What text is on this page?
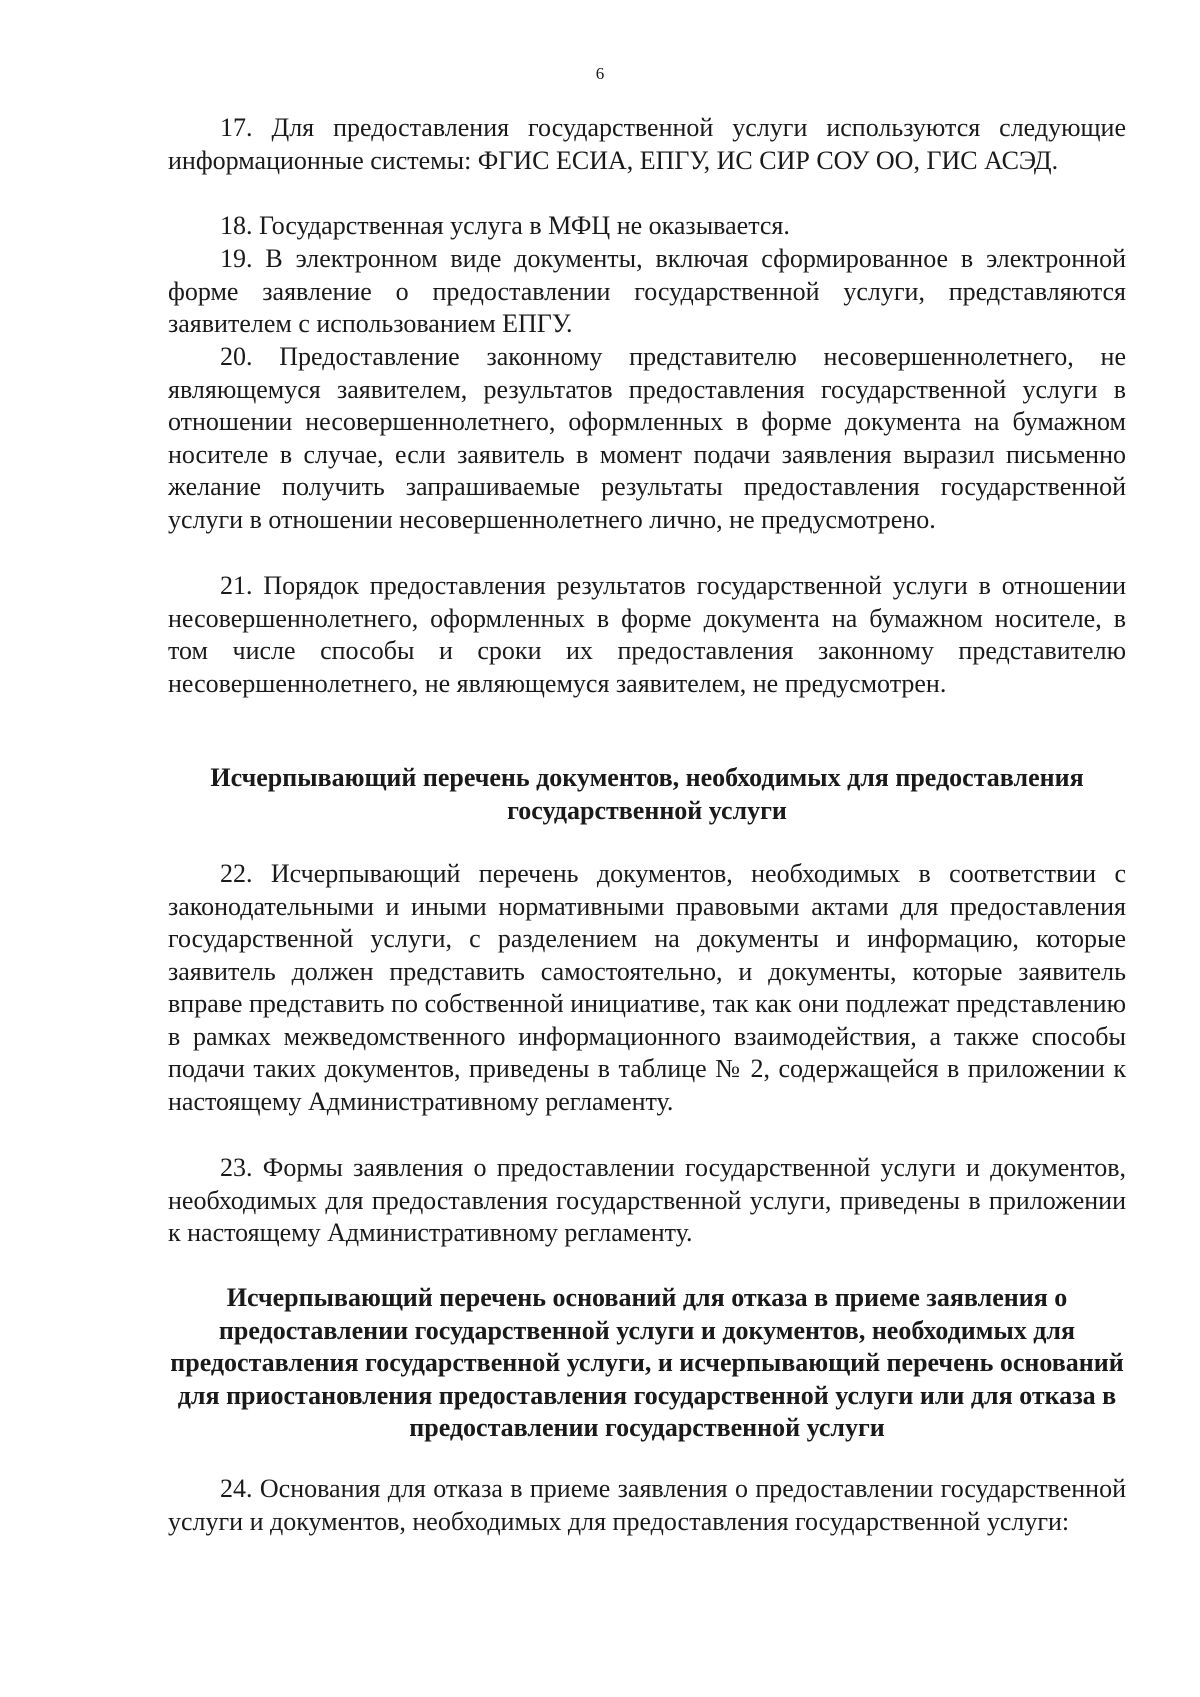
6

17. Для предоставления государственной услуги используются следующие информационные системы: ФГИС ЕСИА, ЕПГУ, ИС СИР СОУ ОО, ГИС АСЭД.

18. Государственная услуга в МФЦ не оказывается.

19. В электронном виде документы, включая сформированное в электронной форме заявление о предоставлении государственной услуги, представляются заявителем с использованием ЕПГУ.

20. Предоставление законному представителю несовершеннолетнего, не являющемуся заявителем, результатов предоставления государственной услуги в отношении несовершеннолетнего, оформленных в форме документа на бумажном носителе в случае, если заявитель в момент подачи заявления выразил письменно желание получить запрашиваемые результаты предоставления государственной услуги в отношении несовершеннолетнего лично, не предусмотрено.

21. Порядок предоставления результатов государственной услуги в отношении несовершеннолетнего, оформленных в форме документа на бумажном носителе, в том числе способы и сроки их предоставления законному представителю несовершеннолетнего, не являющемуся заявителем, не предусмотрен.

Исчерпывающий перечень документов, необходимых для предоставления государственной услуги

22. Исчерпывающий перечень документов, необходимых в соответствии с законодательными и иными нормативными правовыми актами для предоставления государственной услуги, с разделением на документы и информацию, которые заявитель должен представить самостоятельно, и документы, которые заявитель вправе представить по собственной инициативе, так как они подлежат представлению в рамках межведомственного информационного взаимодействия, а также способы подачи таких документов, приведены в таблице № 2, содержащейся в приложении к настоящему Административному регламенту.

23. Формы заявления о предоставлении государственной услуги и документов, необходимых для предоставления государственной услуги, приведены в приложении к настоящему Административному регламенту.

Исчерпывающий перечень оснований для отказа в приеме заявления о предоставлении государственной услуги и документов, необходимых для предоставления государственной услуги, и исчерпывающий перечень оснований для приостановления предоставления государственной услуги или для отказа в предоставлении государственной услуги

24. Основания для отказа в приеме заявления о предоставлении государственной услуги и документов, необходимых для предоставления государственной услуги:
